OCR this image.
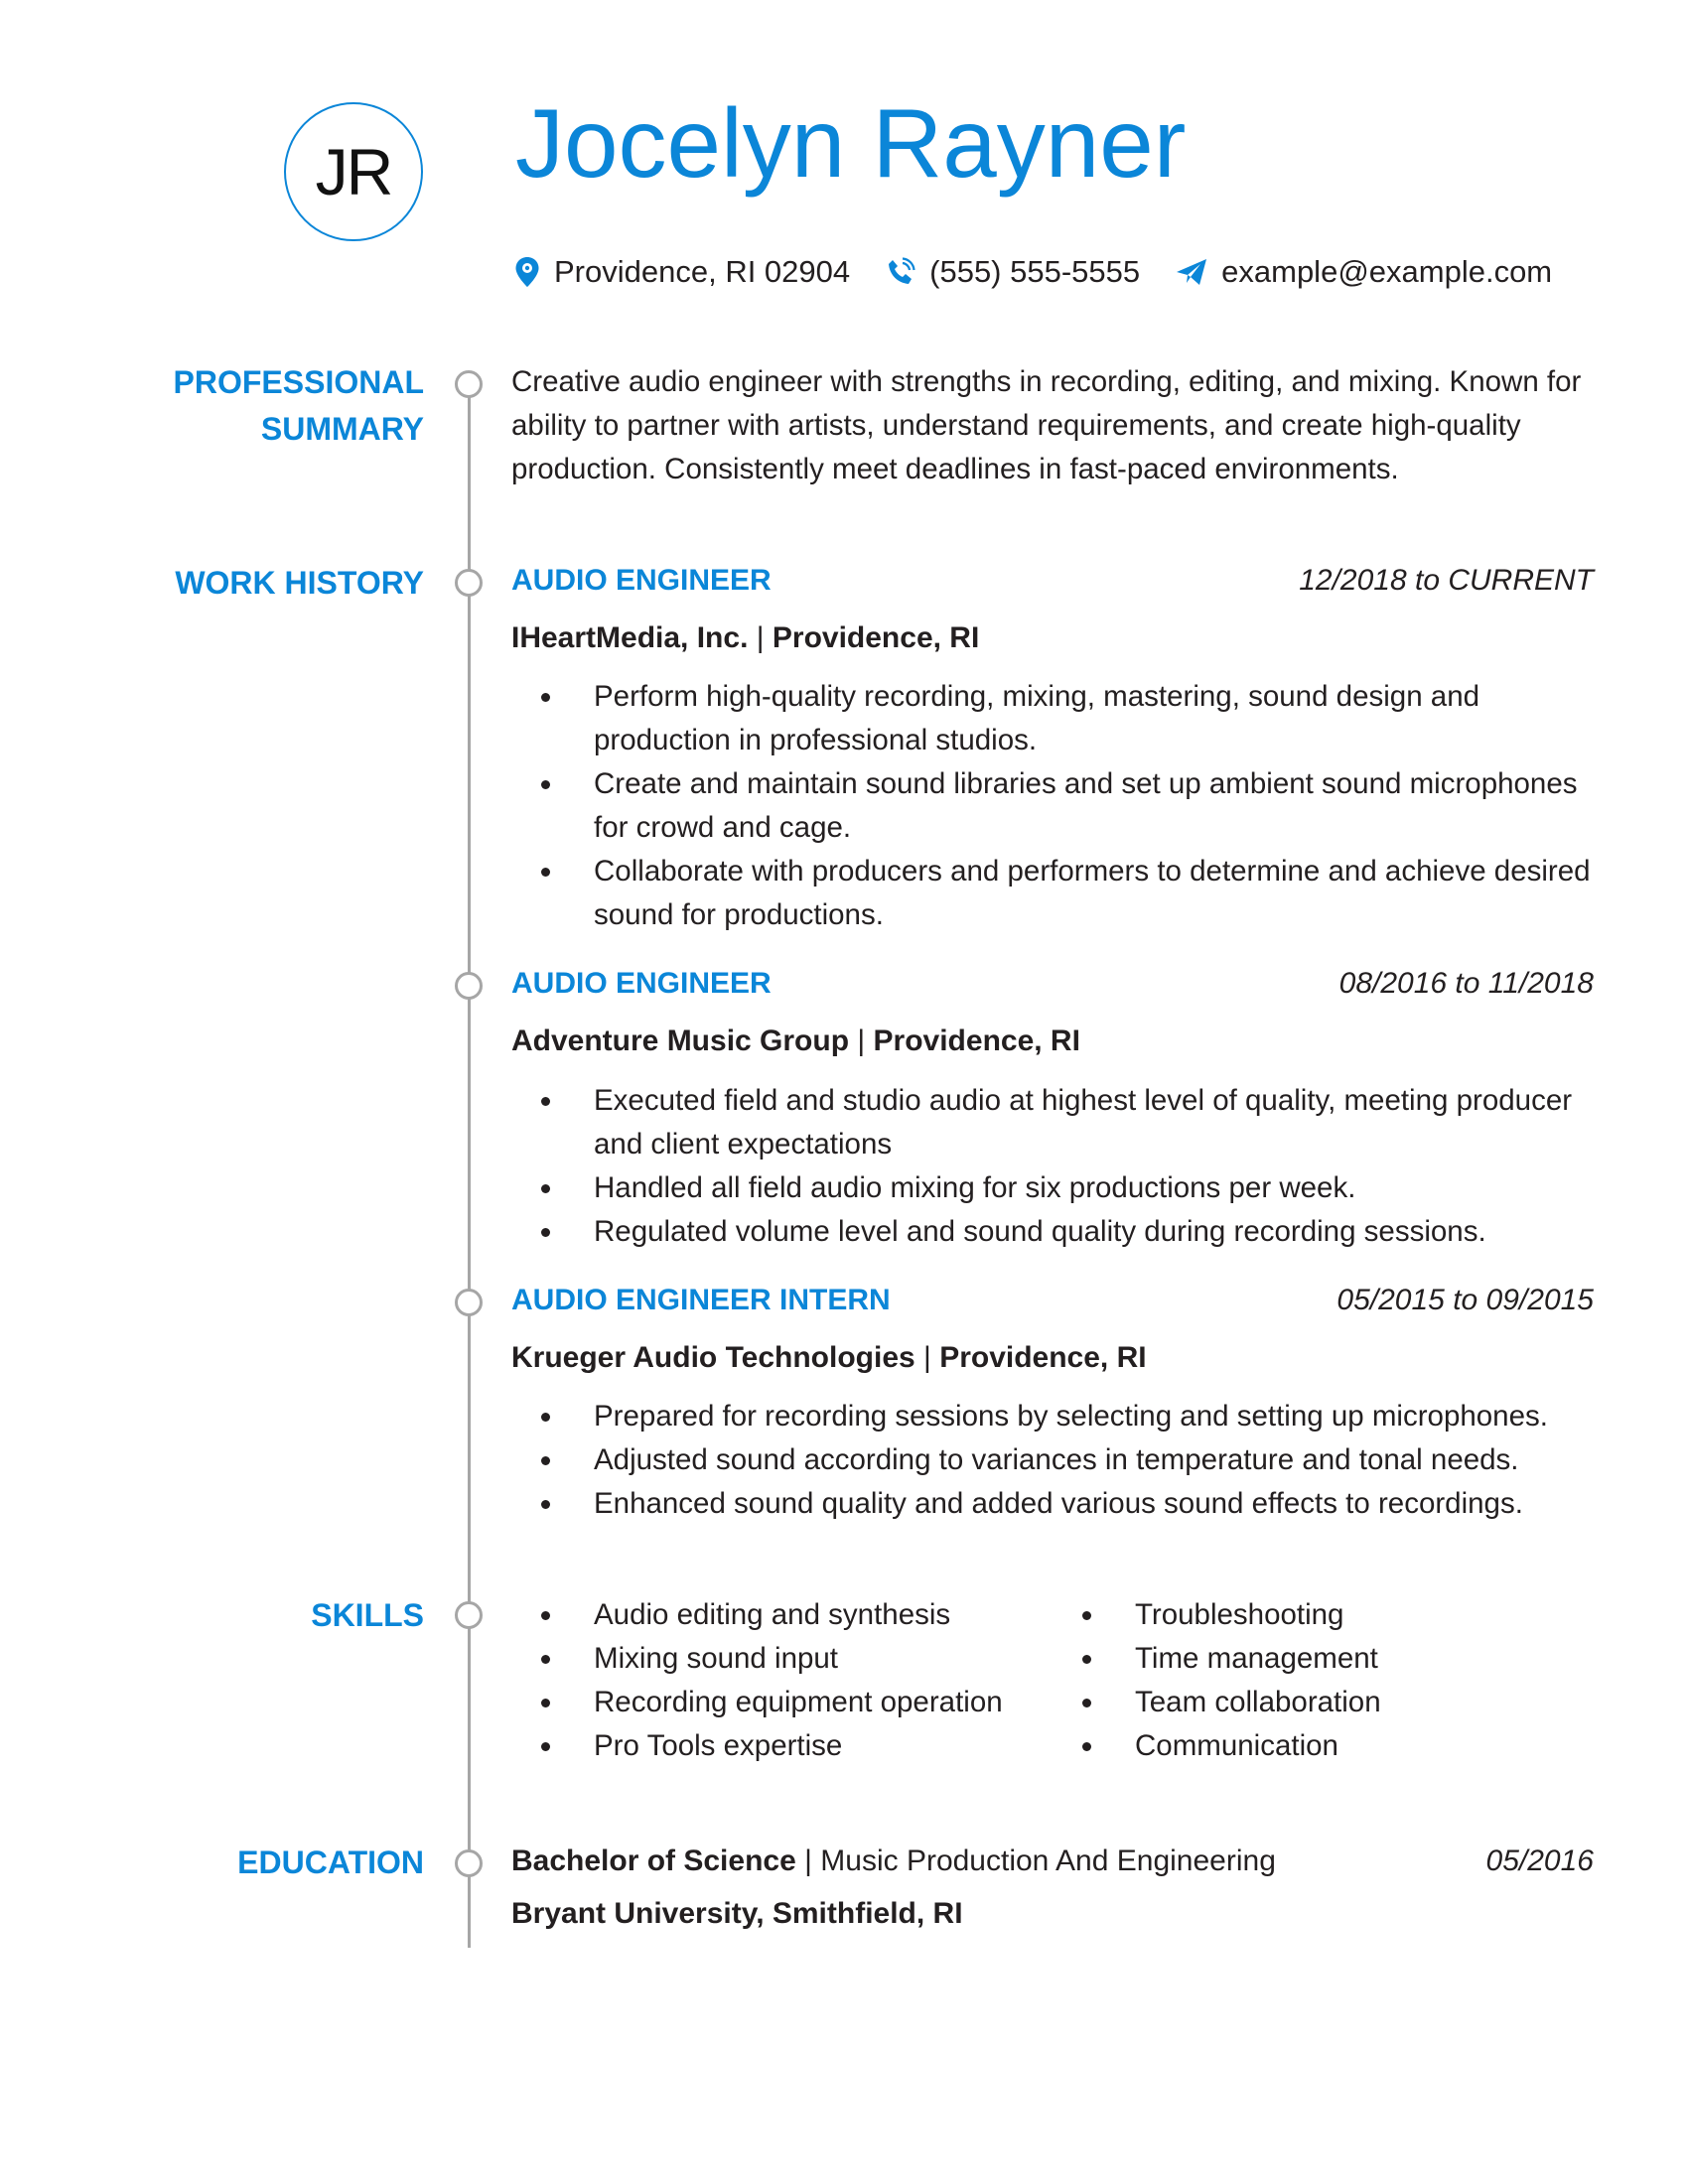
JR Jocelyn Rayner
Providence, RI 02904	(555) 555-5555	example@example.com
PROFESSIONAL
SUMMARY
Creative audio engineer with strengths in recording, editing, and mixing. Known for ability to partner with artists, understand requirements, and create high-quality production. Consistently meet deadlines in fast-paced environments.
WORK HISTORY	AUDIO ENGINEER	12/2018 to CURRENT
IHeartMedia, Inc. | Providence, RI
Perform high-quality recording, mixing, mastering, sound design and production in professional studios.
Create and maintain sound libraries and set up ambient sound microphones for crowd and cage.
Collaborate with producers and performers to determine and achieve desired sound for productions.
AUDIO ENGINEER	08/2016 to 11/2018
Adventure Music Group | Providence, RI
Executed field and studio audio at highest level of quality, meeting producer and client expectations
Handled all field audio mixing for six productions per week.
Regulated volume level and sound quality during recording sessions.
AUDIO ENGINEER INTERN	05/2015 to 09/2015
Krueger Audio Technologies | Providence, RI
Prepared for recording sessions by selecting and setting up microphones.
Adjusted sound according to variances in temperature and tonal needs.
Enhanced sound quality and added various sound effects to recordings.
SKILLS	Audio editing and synthesis
Mixing sound input
Recording equipment operation
Pro Tools expertise
Troubleshooting
Time management
Team collaboration
Communication
EDUCATION	Bachelor of Science | Music Production And Engineering	05/2016
Bryant University, Smithfield, RI
